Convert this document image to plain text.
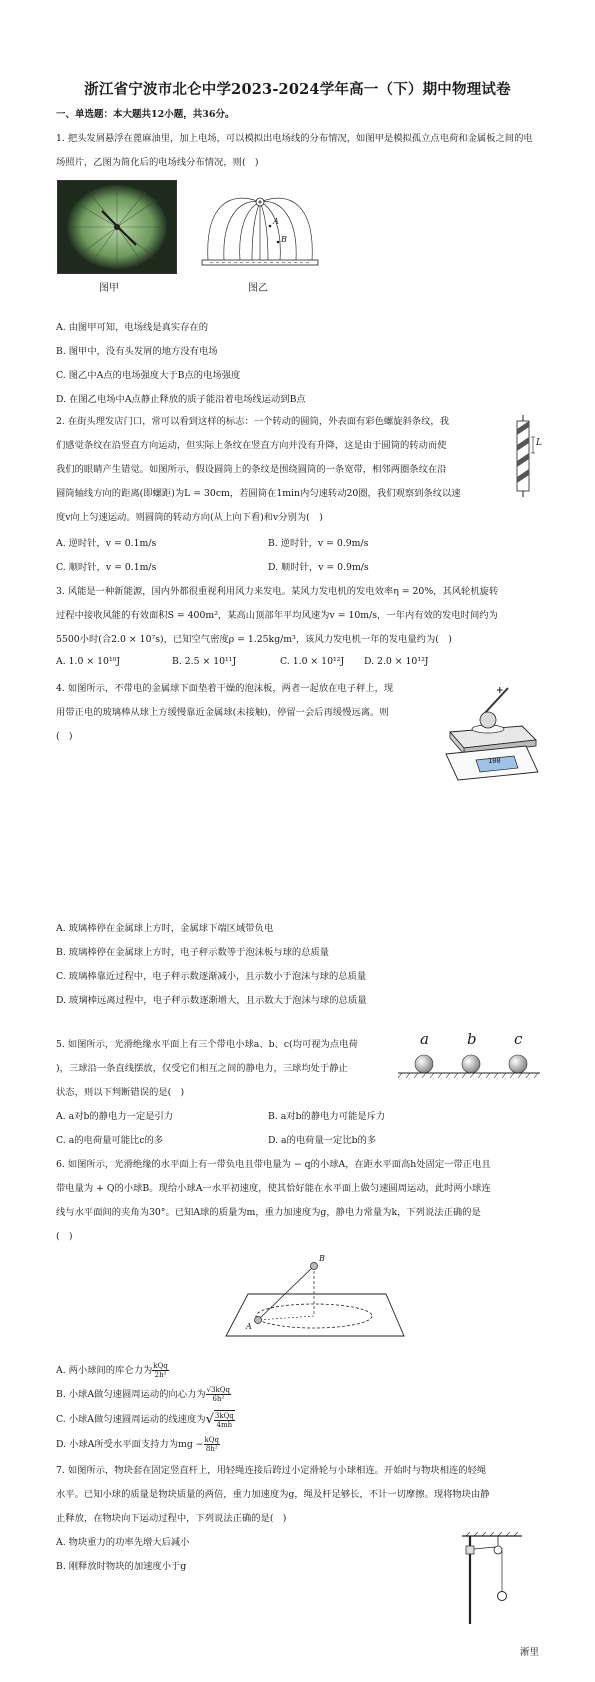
浙江省宁波市北仑中学2023-2024学年高一（下）期中物理试卷
一、单选题：本大题共12小题，共36分。
1. 把头发屑悬浮在蓖麻油里，加上电场，可以模拟出电场线的分布情况，如图甲是模拟孤立点电荷和金属板之间的电场照片，乙图为简化后的电场线分布情况，则(　)
图甲
A
B
图乙
A. 由图甲可知，电场线是真实存在的
B. 图甲中，没有头发屑的地方没有电场
C. 图乙中A点的电场强度大于B点的电场强度
D. 在图乙电场中A点静止释放的质子能沿着电场线运动到B点
2. 在街头理发店门口，常可以看到这样的标志：一个转动的圆筒，外表面有彩色螺旋斜条纹，我
们感觉条纹在沿竖直方向运动，但实际上条纹在竖直方向并没有升降，这是由于圆筒的转动而使
我们的眼睛产生错觉。如图所示，假设圆筒上的条纹是围绕圆筒的一条宽带，相邻两圈条纹在沿
圆筒轴线方向的距离(即螺距)为L = 30cm，若圆筒在1min内匀速转动20圈，我们观察到条纹以速
度v向上匀速运动。则圆筒的转动方向(从上向下看)和v分别为(　)
L
A. 逆时针，v = 0.1m/s	B. 逆时针，v = 0.9m/s
C. 顺时针，v = 0.1m/s	D. 顺时针，v = 0.9m/s
3. 风能是一种新能源，国内外都很重视利用风力来发电。某风力发电机的发电效率η = 20%，其风轮机旋转
过程中接收风能的有效面积S = 400m²，某高山顶部年平均风速为v = 10m/s，一年内有效的发电时间约为
5500小时(合2.0 × 10⁷s)，已知空气密度ρ = 1.25kg/m³，该风力发电机一年的发电量约为(　)
A. 1.0 × 10¹⁰J	B. 2.5 × 10¹¹J	C. 1.0 × 10¹²J D. 2.0 × 10¹²J
4. 如图所示，不带电的金属球下面垫着干燥的泡沫板，两者一起放在电子秤上，现
用带正电的玻璃棒从球上方缓慢靠近金属球(未接触)，停留一会后再缓慢远离。则
(　)
100
+
A. 玻璃棒停在金属球上方时，金属球下端区域带负电
B. 玻璃棒停在金属球上方时，电子秤示数等于泡沫板与球的总质量
C. 玻璃棒靠近过程中，电子秤示数逐渐减小，且示数小于泡沫与球的总质量
D. 玻璃棒远离过程中，电子秤示数逐渐增大，且示数大于泡沫与球的总质量
5. 如图所示，光滑绝缘水平面上有三个带电小球a、b、c(均可视为点电荷
)，三球沿一条直线摆放，仅受它们相互之间的静电力，三球均处于静止
状态，则以下判断错误的是(　)
a	b c
A. a对b的静电力一定是引力	B. a对b的静电力可能是斥力
C. a的电荷量可能比c的多	D. a的电荷量一定比b的多
6. 如图所示，光滑绝缘的水平面上有一带负电且带电量为 − q的小球A，在距水平面高h处固定一带正电且
带电量为 + Q的小球B。现给小球A一水平初速度，使其恰好能在水平面上做匀速圆周运动，此时两小球连
线与水平面间的夹角为30°。已知A球的质量为m，重力加速度为g，静电力常量为k，下列说法正确的是
(　)
A
B
A. 两小球间的库仑力为 $\frac{\text{kQq}}{\text{2h²}}$
B. 小球A做匀速圆周运动的向心力为 $\frac{\text{√3kQq}}{\text{6h²}}$
C. 小球A做匀速圆周运动的线速度为√ $\frac{\text{3kQq}}{4mh}$
D. 小球A所受水平面支持力为mg − $\frac{\text{kQq}}{\text{8h²}}$
7. 如图所示，物块套在固定竖直杆上，用轻绳连接后跨过小定滑轮与小球相连。开始时与物块相连的轻绳
水平。已知小球的质量是物块质量的两倍，重力加速度为g，绳及杆足够长，不计一切摩擦。现将物块由静
止释放，在物块向下运动过程中，下列说法正确的是(　)
A. 物块重力的功率先增大后减小
B. 刚释放时物块的加速度小于g
淅里
